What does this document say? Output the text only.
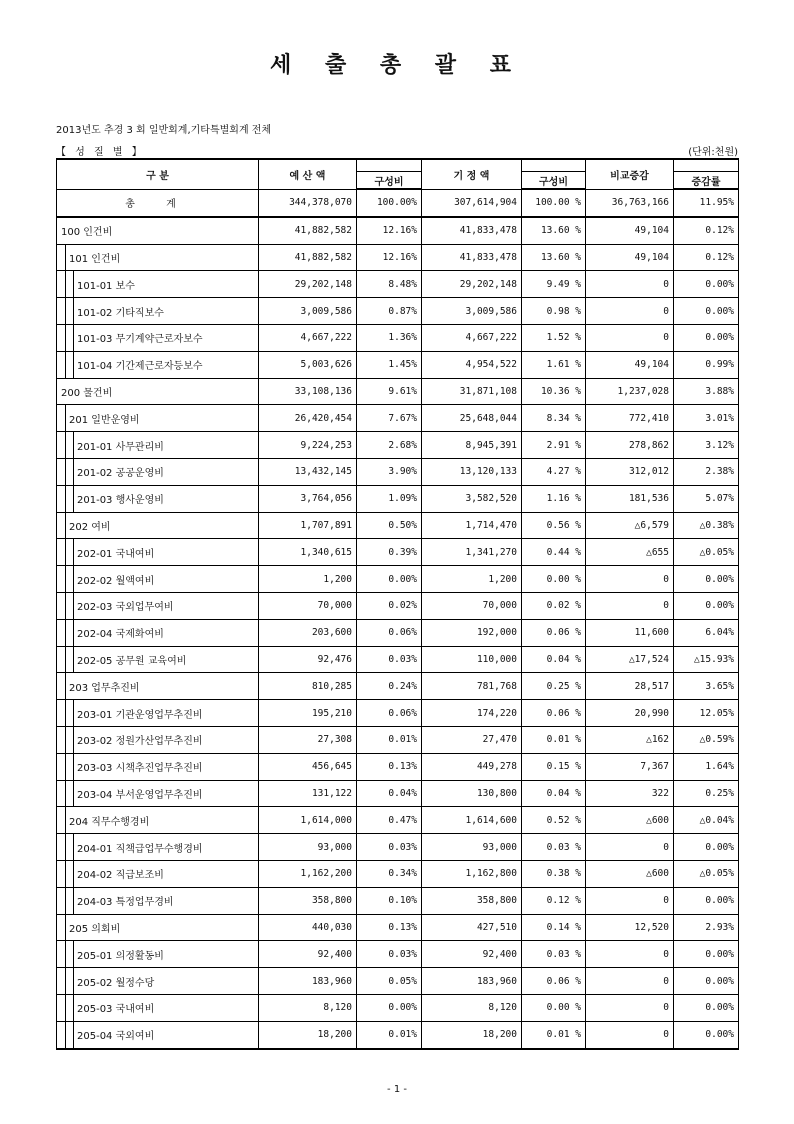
세 출 총 괄 표
2013년도 추경 3 회 일반회계,기타특별회계 전체
【 성 질 별 】	(단위:천원)
구 분	예 산 액		기 정 액		비교증감	
		구성비		구성비		증감률
총 계	344,378,070	100.00%	307,614,904	100.00 %	36,763,166	11.95%
100 인건비	41,882,582	12.16%	41,833,478	13.60 %	49,104	0.12%

101 인건비	41,882,582	12.16%	41,833,478	13.60 %	49,104	0.12%

101-01 보수	29,202,148	8.48%	29,202,148	9.49 %	0	0.00%

101-02 기타직보수	3,009,586	0.87%	3,009,586	0.98 %	0	0.00%

101-03 무기계약근로자보수	4,667,222	1.36%	4,667,222	1.52 %	0	0.00%

101-04 기간제근로자등보수	5,003,626	1.45%	4,954,522	1.61 %	49,104	0.99%
200 물건비	33,108,136	9.61%	31,871,108	10.36 %	1,237,028	3.88%

201 일반운영비	26,420,454	7.67%	25,648,044	8.34 %	772,410	3.01%

201-01 사무관리비	9,224,253	2.68%	8,945,391	2.91 %	278,862	3.12%

201-02 공공운영비	13,432,145	3.90%	13,120,133	4.27 %	312,012	2.38%

201-03 행사운영비	3,764,056	1.09%	3,582,520	1.16 %	181,536	5.07%

202 여비	1,707,891	0.50%	1,714,470	0.56 %	△6,579	△0.38%

202-01 국내여비	1,340,615	0.39%	1,341,270	0.44 %	△655	△0.05%

202-02 월액여비	1,200	0.00%	1,200	0.00 %	0	0.00%

202-03 국외업무여비	70,000	0.02%	70,000	0.02 %	0	0.00%

202-04 국제화여비	203,600	0.06%	192,000	0.06 %	11,600	6.04%

202-05 공무원 교육여비	92,476	0.03%	110,000	0.04 %	△17,524	△15.93%

203 업무추진비	810,285	0.24%	781,768	0.25 %	28,517	3.65%

203-01 기관운영업무추진비	195,210	0.06%	174,220	0.06 %	20,990	12.05%

203-02 정원가산업무추진비	27,308	0.01%	27,470	0.01 %	△162	△0.59%

203-03 시책추진업무추진비	456,645	0.13%	449,278	0.15 %	7,367	1.64%

203-04 부서운영업무추진비	131,122	0.04%	130,800	0.04 %	322	0.25%

204 직무수행경비	1,614,000	0.47%	1,614,600	0.52 %	△600	△0.04%

204-01 직책급업무수행경비	93,000	0.03%	93,000	0.03 %	0	0.00%

204-02 직급보조비	1,162,200	0.34%	1,162,800	0.38 %	△600	△0.05%

204-03 특정업무경비	358,800	0.10%	358,800	0.12 %	0	0.00%

205 의회비	440,030	0.13%	427,510	0.14 %	12,520	2.93%

205-01 의정활동비	92,400	0.03%	92,400	0.03 %	0	0.00%

205-02 월정수당	183,960	0.05%	183,960	0.06 %	0	0.00%

205-03 국내여비	8,120	0.00%	8,120	0.00 %	0	0.00%

205-04 국외여비	18,200	0.01%	18,200	0.01 %	0	0.00%
- 1 -
